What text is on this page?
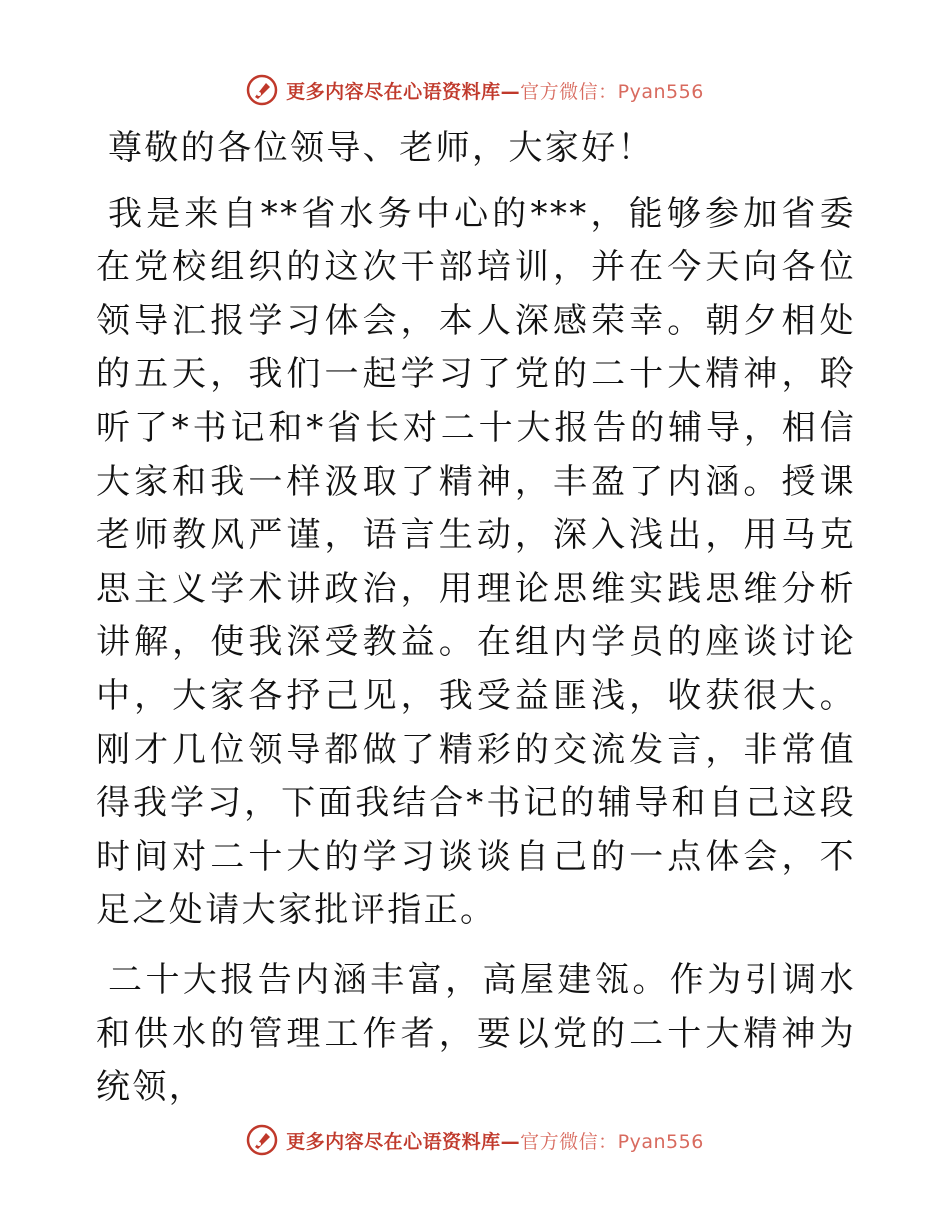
更多内容尽在心语资料库—官方微信：Pyan556

尊敬的各位领导、老师，大家好！

我是来自**省水务中心的***，能够参加省委在党校组织的这次干部培训，并在今天向各位领导汇报学习体会，本人深感荣幸。朝夕相处的五天，我们一起学习了党的二十大精神，聆听了*书记和*省长对二十大报告的辅导，相信大家和我一样汲取了精神，丰盈了内涵。授课老师教风严谨，语言生动，深入浅出，用马克思主义学术讲政治，用理论思维实践思维分析讲解，使我深受教益。在组内学员的座谈讨论中，大家各抒己见，我受益匪浅，收获很大。刚才几位领导都做了精彩的交流发言，非常值得我学习，下面我结合*书记的辅导和自己这段时间对二十大的学习谈谈自己的一点体会，不足之处请大家批评指正。

二十大报告内涵丰富，高屋建瓴。作为引调水和供水的管理工作者，要以党的二十大精神为统领，

更多内容尽在心语资料库—官方微信：Pyan556
